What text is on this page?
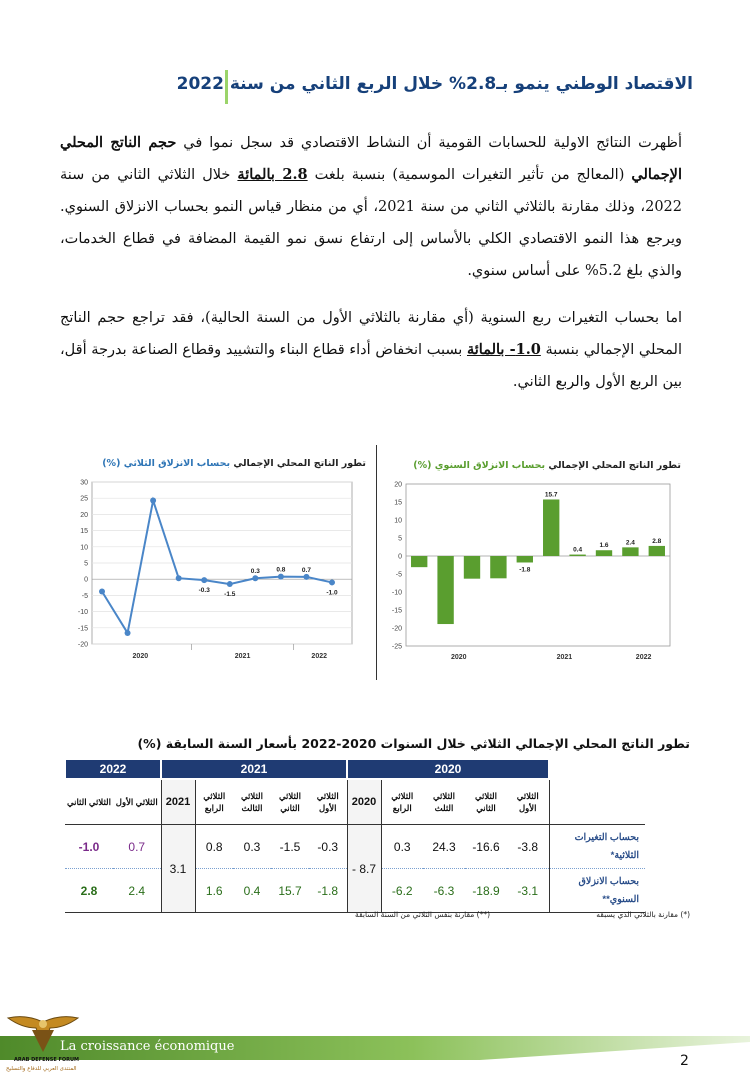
الاقتصاد الوطني ينمو بـ2.8% خلال الربع الثاني من سنة 2022
أظهرت النتائج الاولية للحسابات القومية أن النشاط الاقتصادي قد سجل نموا في حجم الناتج المحلي الإجمالي (المعالج من تأثير التغيرات الموسمية) بنسبة بلغت 2.8 بالمائة خلال الثلاثي الثاني من سنة 2022، وذلك مقارنة بالثلاثي الثاني من سنة 2021، أي من منظار قياس النمو بحساب الانزلاق السنوي. ويرجع هذا النمو الاقتصادي الكلي بالأساس إلى ارتفاع نسق نمو القيمة المضافة في قطاع الخدمات، والذي بلغ 5.2% على أساس سنوي.
اما بحساب التغيرات ربع السنوية (أي مقارنة بالثلاثي الأول من السنة الحالية)، فقد تراجع حجم الناتج المحلي الإجمالي بنسبة 1.0- بالمائة بسبب انخفاض أداء قطاع البناء والتشييد وقطاع الصناعة بدرجة أقل، بين الربع الأول والربع الثاني.
تطور الناتج المحلي الإجمالي بحساب الانزلاق الثلاثي (%)
30
25
20
15
10
5
0
-5
-10
-15
-20
2020	2021	2022
-0.3
-1.5
0.3	0.8	0.7
-1.0
تطور الناتج المحلي الإجمالي بحساب الانزلاق السنوي (%)
20
15
10
5
0
-5
-10
-15
-20
-25
-1.8
15.7
0.4
1.6	2.4	2.8
2020	2021	2022
تطور الناتج المحلي الإجمالي الثلاثي خلال السنوات 2020-2022 بأسعار السنة السابقة (%)
2022		2021					2020					
الثلاثي الثاني	الثلاثي الأول	2021	الثلاثي الرابع	الثلاثي الثالث	الثلاثي الثاني	الثلاثي الأول	2020	الثلاثي الرابع	الثلاثي الثلث	الثلاثي الثاني	الثلاثي الأول	
-1.0	0.7	3.1	0.8	0.3	-1.5	-0.3	- 8.7	0.3	24.3	-16.6	-3.8	بحساب التغيرات الثلاثية*
2.8	2.4		1.6	0.4	15.7	-1.8		-6.2	-6.3	-18.9	-3.1	بحساب الانزلاق السنوي**
(*) مقارنة بالثلاثي الذي يسبقه
(**) مقارنة بنفس الثلاثي من السنة السابقة
La croissance économique
2
ARAB DEFENSE FORUM
المنتدى العربي للدفاع والتسليح
